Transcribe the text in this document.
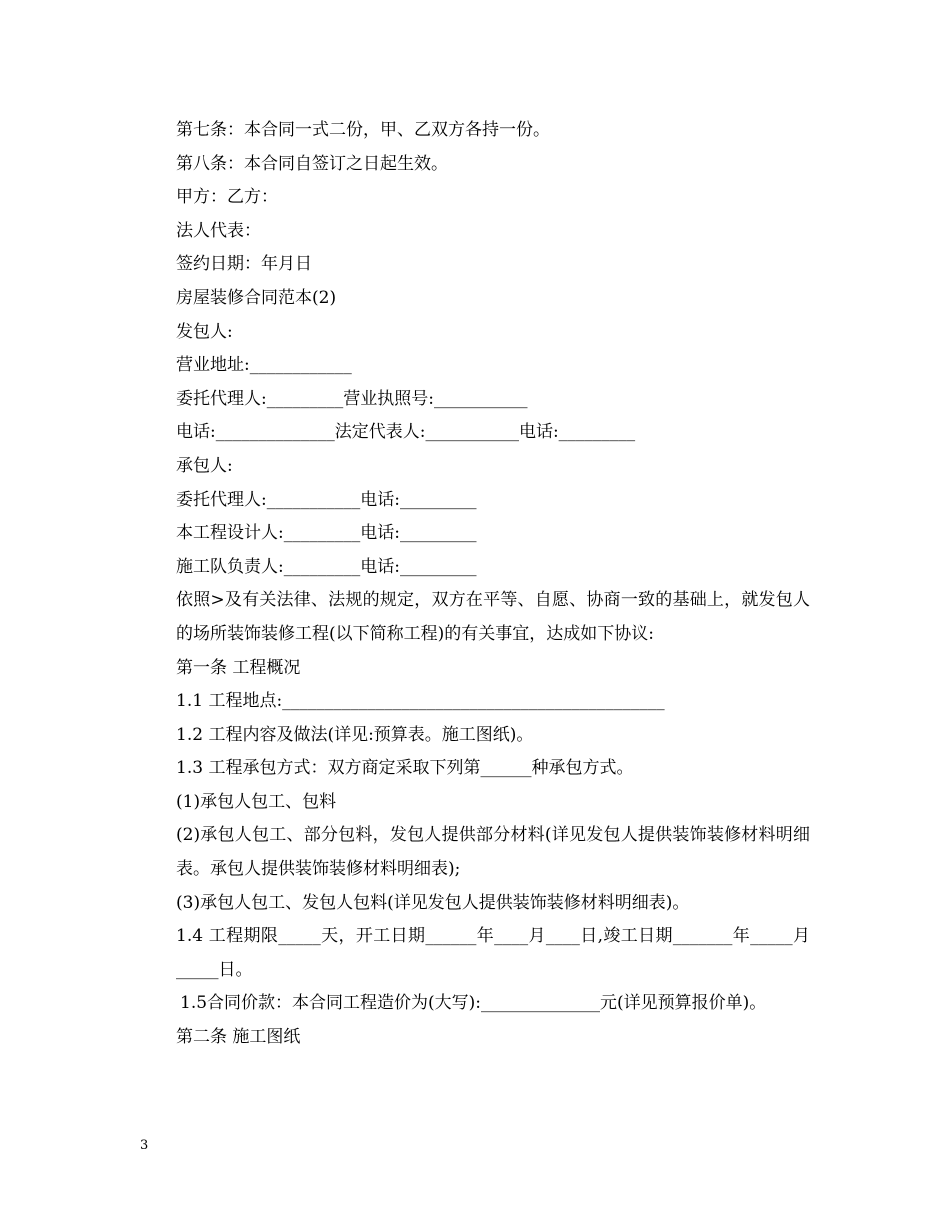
第七条：本合同一式二份，甲、乙双方各持一份。

第八条：本合同自签订之日起生效。

甲方：乙方：

法人代表：

签约日期：年月日

房屋装修合同范本(2)

发包人:

营业地址:____________

委托代理人:_________营业执照号:___________

电话:______________法定代表人:___________电话:_________

承包人:

委托代理人:___________电话:_________

本工程设计人:_________电话:_________

施工队负责人:_________电话:_________

依照>及有关法律、法规的规定，双方在平等、自愿、协商一致的基础上，就发包人的场所装饰装修工程(以下简称工程)的有关事宜，达成如下协议:

第一条 工程概况

1.1 工程地点:_____________________________________________

1.2 工程内容及做法(详见:预算表。施工图纸)。

1.3 工程承包方式：双方商定采取下列第______种承包方式。

(1)承包人包工、包料

(2)承包人包工、部分包料，发包人提供部分材料(详见发包人提供装饰装修材料明细表。承包人提供装饰装修材料明细表);

(3)承包人包工、发包人包料(详见发包人提供装饰装修材料明细表)。

1.4 工程期限_____天，开工日期______年____月____日,竣工日期_______年_____月_____日。

1.5合同价款：本合同工程造价为(大写):______________元(详见预算报价单)。

第二条 施工图纸

3
